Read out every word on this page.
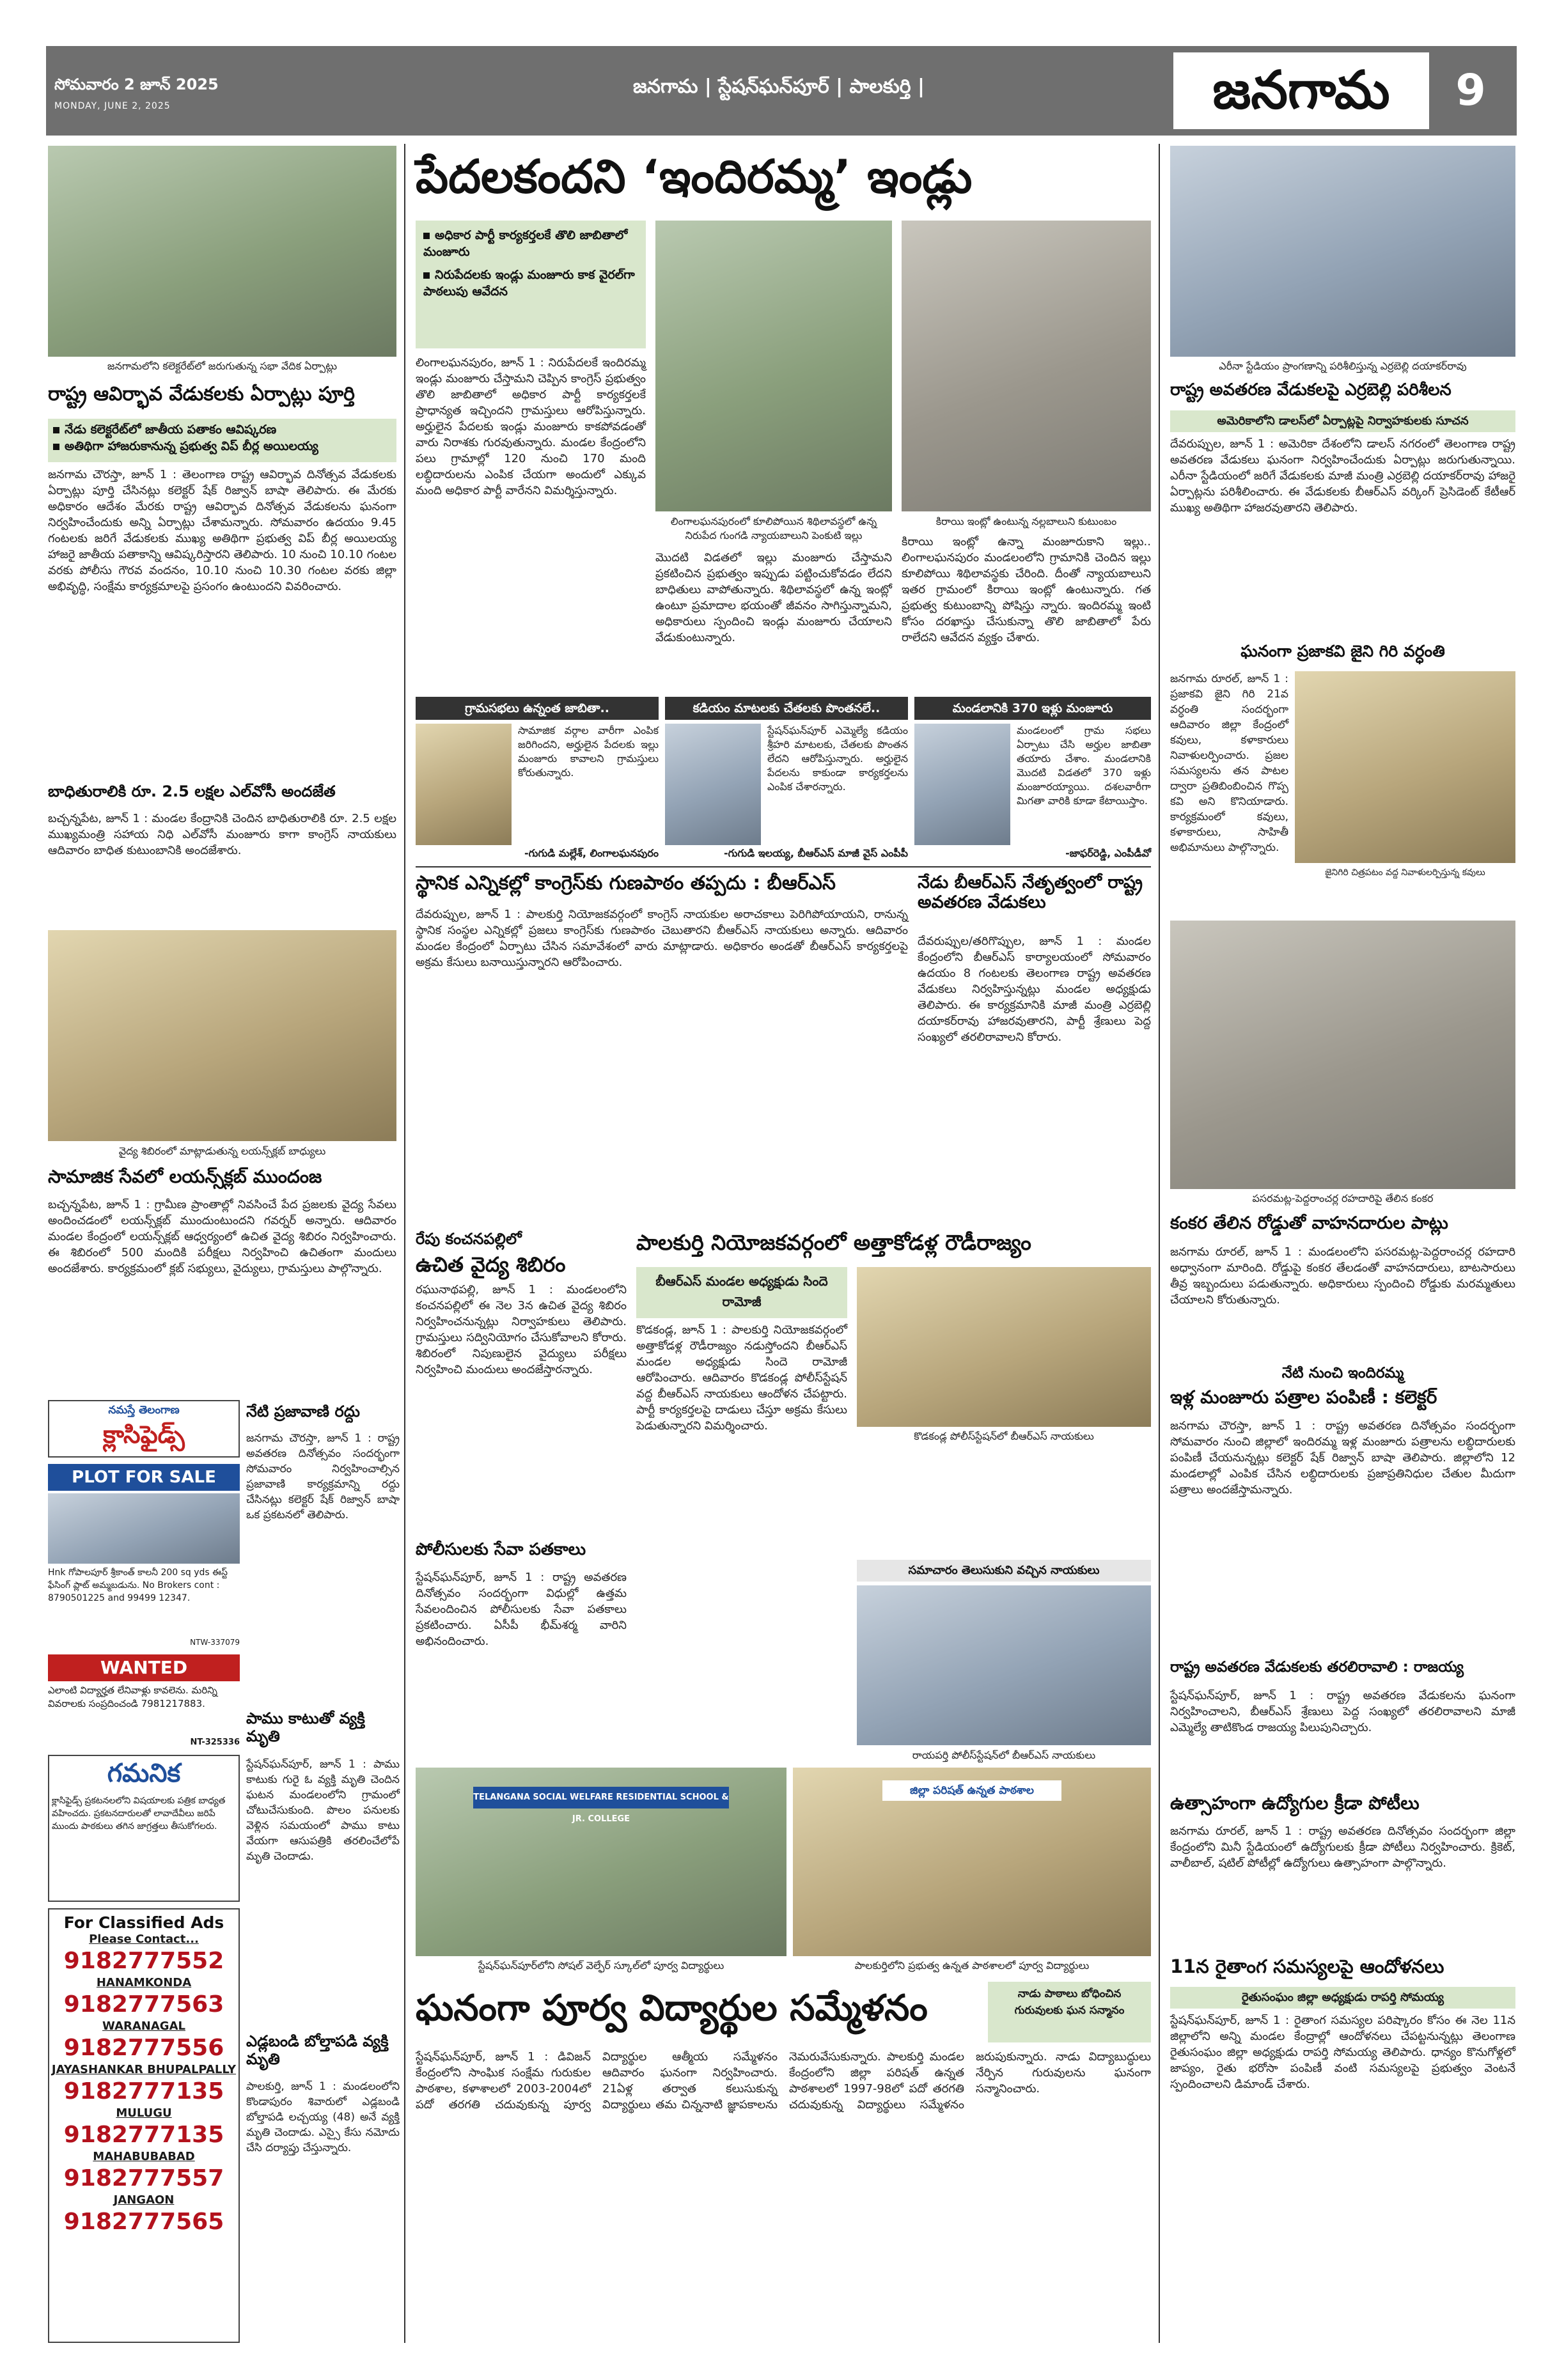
సోమవారం 2 జూన్ 2025
MONDAY, JUNE 2, 2025
జనగామ | స్టేషన్‌ఘన్‌పూర్ | పాలకుర్తి |	జనగామ	9
జనగామలోని కలెక్టరేట్‌లో జరుగుతున్న సభా వేదిక ఏర్పాట్లు
రాష్ట్ర ఆవిర్భావ వేడుకలకు ఏర్పాట్లు పూర్తి
నేడు కలెక్టరేట్‌లో జాతీయ పతాకం ఆవిష్కరణ
అతిథిగా హాజరుకానున్న ప్రభుత్వ విప్ బీర్ల అయిలయ్య
జనగామ చౌరస్తా, జూన్ 1 : తెలంగాణ రాష్ట్ర ఆవిర్భావ దినోత్సవ వేడుకలకు ఏర్పాట్లు పూర్తి చేసినట్లు కలెక్టర్ షేక్ రిజ్వాన్ బాషా తెలిపారు. ఈ మేరకు అధికారం ఆదేశం మేరకు రాష్ట్ర ఆవిర్భావ దినోత్సవ వేడుకలను ఘనంగా నిర్వహించేందుకు అన్ని ఏర్పాట్లు చేశామన్నారు. సోమవారం ఉదయం 9.45 గంటలకు జరిగే వేడుకలకు ముఖ్య అతిథిగా ప్రభుత్వ విప్ బీర్ల అయిలయ్య హాజరై జాతీయ పతాకాన్ని ఆవిష్కరిస్తారని తెలిపారు. 10 నుంచి 10.10 గంటల వరకు పోలీసు గౌరవ వందనం, 10.10 నుంచి 10.30 గంటల వరకు జిల్లా అభివృద్ధి, సంక్షేమ కార్యక్రమాలపై ప్రసంగం ఉంటుందని వివరించారు.
బాధితురాలికి రూ. 2.5 లక్షల ఎల్‌వోసీ అందజేత
బచ్చన్నపేట, జూన్ 1 : మండల కేంద్రానికి చెందిన బాధితురాలికి రూ. 2.5 లక్షల ముఖ్యమంత్రి సహాయ నిధి ఎల్‌వోసీ మంజూరు కాగా కాంగ్రెస్ నాయకులు ఆదివారం బాధిత కుటుంబానికి అందజేశారు.
వైద్య శిబిరంలో మాట్లాడుతున్న లయన్స్‌క్లబ్ బాధ్యులు
సామాజిక సేవలో లయన్స్‌క్లబ్ ముందంజ
బచ్చన్నపేట, జూన్ 1 : గ్రామీణ ప్రాంతాల్లో నివసించే పేద ప్రజలకు వైద్య సేవలు అందించడంలో లయన్స్‌క్లబ్ ముందుంటుందని గవర్నర్ అన్నారు. ఆదివారం మండల కేంద్రంలో లయన్స్‌క్లబ్ ఆధ్వర్యంలో ఉచిత వైద్య శిబిరం నిర్వహించారు. ఈ శిబిరంలో 500 మందికి పరీక్షలు నిర్వహించి ఉచితంగా మందులు అందజేశారు. కార్యక్రమంలో క్లబ్ సభ్యులు, వైద్యులు, గ్రామస్తులు పాల్గొన్నారు.
నమస్తే తెలంగాణ
క్లాసిఫైడ్స్
PLOT FOR SALE
Hnk గోపాలపూర్ శ్రీకాంత్ కాలనీ 200 sq yds ఈస్ట్ ఫేసింగ్ ప్లాట్ అమ్మబడును. No Brokers cont : 8790501225 and 99499 12347.
NTW-337079
WANTED
ఎలాంటి విద్యార్హత లేనివాళ్లు కావలెను. మరిన్ని వివరాలకు సంప్రదించండి 7981217883.
NT-325336
గమనిక
క్లాసిఫైడ్స్ ప్రకటనలలోని విషయాలకు పత్రిక బాధ్యత వహించదు. ప్రకటనదారులతో లావాదేవీలు జరిపే ముందు పాఠకులు తగిన జాగ్రత్తలు తీసుకోగలరు.
For Classified Ads
Please Contact...
9182777552
HANAMKONDA
9182777563
WARANAGAL
9182777556
JAYASHANKAR BHUPALPALLY
9182777135
MULUGU
9182777135
MAHABUBABAD
9182777557
JANGAON
9182777565
నేటి ప్రజావాణి రద్దు
జనగామ చౌరస్తా, జూన్ 1 : రాష్ట్ర అవతరణ దినోత్సవం సందర్భంగా సోమవారం నిర్వహించాల్సిన ప్రజావాణి కార్యక్రమాన్ని రద్దు చేసినట్లు కలెక్టర్ షేక్ రిజ్వాన్ బాషా ఒక ప్రకటనలో తెలిపారు.
పేదలకందని ‘ఇందిరమ్మ’ ఇండ్లు
అధికార పార్టీ కార్యకర్తలకే తొలి జాబితాలో మంజూరు
నిరుపేదలకు ఇండ్లు మంజూరు కాక వైరల్‌గా పాఠలుపు ఆవేదన
లింగాలఘనపురం, జూన్ 1 : నిరుపేదలకే ఇందిరమ్మ ఇండ్లు మంజూరు చేస్తామని చెప్పిన కాంగ్రెస్ ప్రభుత్వం తొలి జాబితాలో అధికార పార్టీ కార్యకర్తలకే ప్రాధాన్యత ఇచ్చిందని గ్రామస్తులు ఆరోపిస్తున్నారు. అర్హులైన పేదలకు ఇండ్లు మంజూరు కాకపోవడంతో వారు నిరాశకు గురవుతున్నారు. మండల కేంద్రంలోని పలు గ్రామాల్లో 120 నుంచి 170 మంది లబ్ధిదారులను ఎంపిక చేయగా అందులో ఎక్కువ మంది అధికార పార్టీ వారేనని విమర్శిస్తున్నారు.
లింగాలఘనపురంలో కూలిపోయిన శిథిలావస్థలో ఉన్న నిరుపేద గుంగడి న్యాయబాలుని పెంకుటి ఇల్లు
మొదటి విడతలో ఇల్లు మంజూరు చేస్తామని ప్రకటించిన ప్రభుత్వం ఇప్పుడు పట్టించుకోవడం లేదని బాధితులు వాపోతున్నారు. శిథిలావస్థలో ఉన్న ఇంట్లో ఉంటూ ప్రమాదాల భయంతో జీవనం సాగిస్తున్నామని, అధికారులు స్పందించి ఇండ్లు మంజూరు చేయాలని వేడుకుంటున్నారు.
కిరాయి ఇంట్లో ఉంటున్న నల్లబాలుని కుటుంబం
కిరాయి ఇంట్లో ఉన్నా మంజూరుకాని ఇల్లు.. లింగాలఘనపురం మండలంలోని గ్రామానికి చెందిన ఇల్లు కూలిపోయి శిథిలావస్థకు చేరింది. దీంతో న్యాయబాలుని ఇతర గ్రామంలో కిరాయి ఇంట్లో ఉంటున్నారు. గత ప్రభుత్వ కుటుంబాన్ని పోషిస్తు న్నారు. ఇందిరమ్మ ఇంటి కోసం దరఖాస్తు చేసుకున్నా తొలి జాబితాలో పేరు రాలేదని ఆవేదన వ్యక్తం చేశారు.
గ్రామసభలు ఉన్నంత జాబితా..
సామాజిక వర్గాల వారీగా ఎంపిక జరిగిందని, అర్హులైన పేదలకు ఇల్లు మంజూరు కావాలని గ్రామస్తులు కోరుతున్నారు.
-గుగుడి మల్లేశ్, లింగాలఘనపురం
కడియం మాటలకు చేతలకు పొంతనలే..
స్టేషన్‌ఘన్‌పూర్ ఎమ్మెల్యే కడియం శ్రీహరి మాటలకు, చేతలకు పొంతన లేదని ఆరోపిస్తున్నారు. అర్హులైన పేదలను కాకుండా కార్యకర్తలను ఎంపిక చేశారన్నారు.
-గుగుడి ఇలయ్య, బీఆర్‌ఎస్ మాజీ వైస్ ఎంపీపీ
మండలానికి 370 ఇళ్లు మంజూరు
మండలంలో గ్రామ సభలు ఏర్పాటు చేసి అర్హుల జాబితా తయారు చేశాం. మండలానికి మొదటి విడతలో 370 ఇళ్లు మంజూరయ్యాయి. దశలవారీగా మిగతా వారికి కూడా కేటాయిస్తాం.
-జాఫర్‌రెడ్డి, ఎంపీడీవో
స్థానిక ఎన్నికల్లో కాంగ్రెస్‌కు గుణపాఠం తప్పదు : బీఆర్‌ఎస్
దేవరుప్పుల, జూన్ 1 : పాలకుర్తి నియోజకవర్గంలో కాంగ్రెస్ నాయకుల అరాచకాలు పెరిగిపోయాయని, రానున్న స్థానిక సంస్థల ఎన్నికల్లో ప్రజలు కాంగ్రెస్‌కు గుణపాఠం చెబుతారని బీఆర్‌ఎస్ నాయకులు అన్నారు. ఆదివారం మండల కేంద్రంలో ఏర్పాటు చేసిన సమావేశంలో వారు మాట్లాడారు. అధికారం అండతో బీఆర్‌ఎస్ కార్యకర్తలపై అక్రమ కేసులు బనాయిస్తున్నారని ఆరోపించారు.
నేడు బీఆర్‌ఎస్ నేతృత్వంలో రాష్ట్ర అవతరణ వేడుకలు
దేవరుప్పుల/తరిగొప్పుల, జూన్ 1 : మండల కేంద్రంలోని బీఆర్‌ఎస్ కార్యాలయంలో సోమవారం ఉదయం 8 గంటలకు తెలంగాణ రాష్ట్ర అవతరణ వేడుకలు నిర్వహిస్తున్నట్లు మండల అధ్యక్షుడు తెలిపారు. ఈ కార్యక్రమానికి మాజీ మంత్రి ఎర్రబెల్లి దయాకర్‌రావు హాజరవుతారని, పార్టీ శ్రేణులు పెద్ద సంఖ్యలో తరలిరావాలని కోరారు.
రేపు కంచనపల్లిలో
ఉచిత వైద్య శిబిరం
రఘునాథపల్లి, జూన్ 1 : మండలంలోని కంచనపల్లిలో ఈ నెల 3న ఉచిత వైద్య శిబిరం నిర్వహించనున్నట్లు నిర్వాహకులు తెలిపారు. గ్రామస్తులు సద్వినియోగం చేసుకోవాలని కోరారు. శిబిరంలో నిపుణులైన వైద్యులు పరీక్షలు నిర్వహించి మందులు అందజేస్తారన్నారు.
పోలీసులకు సేవా పతకాలు
స్టేషన్‌ఘన్‌పూర్, జూన్ 1 : రాష్ట్ర అవతరణ దినోత్సవం సందర్భంగా విధుల్లో ఉత్తమ సేవలందించిన పోలీసులకు సేవా పతకాలు ప్రకటించారు. ఏసీపీ భీమ్‌శర్మ వారిని అభినందించారు.
పాము కాటుతో వ్యక్తి మృతి
స్టేషన్‌ఘన్‌పూర్, జూన్ 1 : పాము కాటుకు గురై ఓ వ్యక్తి మృతి చెందిన ఘటన మండలంలోని గ్రామంలో చోటుచేసుకుంది. పొలం పనులకు వెళ్లిన సమయంలో పాము కాటు వేయగా ఆసుపత్రికి తరలించేలోపే మృతి చెందాడు.
ఎడ్లబండి బోల్తాపడి వ్యక్తి మృతి
పాలకుర్తి, జూన్ 1 : మండలంలోని కొండాపురం శివారులో ఎడ్లబండి బోల్తాపడి లచ్చయ్య (48) అనే వ్యక్తి మృతి చెందాడు. ఎస్సై కేసు నమోదు చేసి దర్యాప్తు చేస్తున్నారు.
పాలకుర్తి నియోజకవర్గంలో అత్తాకోడళ్ల రౌడీరాజ్యం
బీఆర్‌ఎస్ మండల అధ్యక్షుడు సిందె రామోజీ
కొడకండ్ల, జూన్ 1 : పాలకుర్తి నియోజకవర్గంలో అత్తాకోడళ్ల రౌడీరాజ్యం నడుస్తోందని బీఆర్‌ఎస్ మండల అధ్యక్షుడు సిందె రామోజీ ఆరోపించారు. ఆదివారం కొడకండ్ల పోలీస్‌స్టేషన్ వద్ద బీఆర్‌ఎస్ నాయకులు ఆందోళన చేపట్టారు. పార్టీ కార్యకర్తలపై దాడులు చేస్తూ అక్రమ కేసులు పెడుతున్నారని విమర్శించారు.
కొడకండ్ల పోలీస్‌స్టేషన్‌లో బీఆర్‌ఎస్ నాయకులు
సమాచారం తెలుసుకుని వచ్చిన నాయకులు
రాయపర్తి పోలీస్‌స్టేషన్‌లో బీఆర్‌ఎస్ నాయకులు
TELANGANA SOCIAL WELFARE RESIDENTIAL SCHOOL & JR. COLLEGE
స్టేషన్‌ఘన్‌పూర్‌లోని సోషల్ వెల్ఫేర్ స్కూల్‌లో పూర్వ విద్యార్థులు
జిల్లా పరిషత్ ఉన్నత పాఠశాల
పాలకుర్తిలోని ప్రభుత్వ ఉన్నత పాఠశాలలో పూర్వ విద్యార్థులు
ఘనంగా పూర్వ విద్యార్థుల సమ్మేళనం	నాడు పాఠాలు బోధించిన గురువులకు ఘన సన్మానం
స్టేషన్‌ఘన్‌పూర్, జూన్ 1 : డివిజన్ కేంద్రంలోని సాంఘిక సంక్షేమ గురుకుల పాఠశాల, కళాశాలలో 2003-2004లో పదో తరగతి చదువుకున్న పూర్వ విద్యార్థుల ఆత్మీయ సమ్మేళనం ఆదివారం ఘనంగా నిర్వహించారు. 21ఏళ్ల తర్వాత కలుసుకున్న విద్యార్థులు తమ చిన్ననాటి జ్ఞాపకాలను నెమరువేసుకున్నారు. పాలకుర్తి మండల కేంద్రంలోని జిల్లా పరిషత్ ఉన్నత పాఠశాలలో 1997-98లో పదో తరగతి చదువుకున్న విద్యార్థులు సమ్మేళనం జరుపుకున్నారు. నాడు విద్యాబుద్ధులు నేర్పిన గురువులను ఘనంగా సన్మానించారు.
ఎరీనా స్టేడియం ప్రాంగణాన్ని పరిశీలిస్తున్న ఎర్రబెల్లి దయాకర్‌రావు
రాష్ట్ర అవతరణ వేడుకలపై ఎర్రబెల్లి పరిశీలన
అమెరికాలోని డాలస్‌లో ఏర్పాట్లపై నిర్వాహకులకు సూచన
దేవరుప్పుల, జూన్ 1 : అమెరికా దేశంలోని డాలస్ నగరంలో తెలంగాణ రాష్ట్ర అవతరణ వేడుకలు ఘనంగా నిర్వహించేందుకు ఏర్పాట్లు జరుగుతున్నాయి. ఎరీనా స్టేడియంలో జరిగే వేడుకలకు మాజీ మంత్రి ఎర్రబెల్లి దయాకర్‌రావు హాజరై ఏర్పాట్లను పరిశీలించారు. ఈ వేడుకలకు బీఆర్‌ఎస్ వర్కింగ్ ప్రెసిడెంట్ కేటీఆర్ ముఖ్య అతిథిగా హాజరవుతారని తెలిపారు.
ఘనంగా ప్రజాకవి జైని గిరి వర్ధంతి
జనగామ రూరల్, జూన్ 1 : ప్రజాకవి జైని గిరి 21వ వర్ధంతి సందర్భంగా ఆదివారం జిల్లా కేంద్రంలో కవులు, కళాకారులు నివాళులర్పించారు. ప్రజల సమస్యలను తన పాటల ద్వారా ప్రతిబింబించిన గొప్ప కవి అని కొనియాడారు. కార్యక్రమంలో కవులు, కళాకారులు, సాహితీ అభిమానులు పాల్గొన్నారు.
జైనిగిరి చిత్రపటం వద్ద నివాళులర్పిస్తున్న కవులు
పసరమట్ల-పెద్దరాంచర్ల రహదారిపై తేలిన కంకర
కంకర తేలిన రోడ్డుతో వాహనదారుల పాట్లు
జనగామ రూరల్, జూన్ 1 : మండలంలోని పసరమట్ల-పెద్దరాంచర్ల రహదారి అధ్వానంగా మారింది. రోడ్డుపై కంకర తేలడంతో వాహనదారులు, బాటసారులు తీవ్ర ఇబ్బందులు పడుతున్నారు. అధికారులు స్పందించి రోడ్డుకు మరమ్మతులు చేయాలని కోరుతున్నారు.
నేటి నుంచి ఇందిరమ్మ
ఇళ్ల మంజూరు పత్రాల పంపిణీ : కలెక్టర్
జనగామ చౌరస్తా, జూన్ 1 : రాష్ట్ర అవతరణ దినోత్సవం సందర్భంగా సోమవారం నుంచి జిల్లాలో ఇందిరమ్మ ఇళ్ల మంజూరు పత్రాలను లబ్ధిదారులకు పంపిణీ చేయనున్నట్లు కలెక్టర్ షేక్ రిజ్వాన్ బాషా తెలిపారు. జిల్లాలోని 12 మండలాల్లో ఎంపిక చేసిన లబ్ధిదారులకు ప్రజాప్రతినిధుల చేతుల మీదుగా పత్రాలు అందజేస్తామన్నారు.
రాష్ట్ర అవతరణ వేడుకలకు తరలిరావాలి : రాజయ్య
స్టేషన్‌ఘన్‌పూర్, జూన్ 1 : రాష్ట్ర అవతరణ వేడుకలను ఘనంగా నిర్వహించాలని, బీఆర్‌ఎస్ శ్రేణులు పెద్ద సంఖ్యలో తరలిరావాలని మాజీ ఎమ్మెల్యే తాటికొండ రాజయ్య పిలుపునిచ్చారు.
ఉత్సాహంగా ఉద్యోగుల క్రీడా పోటీలు
జనగామ రూరల్, జూన్ 1 : రాష్ట్ర అవతరణ దినోత్సవం సందర్భంగా జిల్లా కేంద్రంలోని మినీ స్టేడియంలో ఉద్యోగులకు క్రీడా పోటీలు నిర్వహించారు. క్రికెట్, వాలీబాల్, షటిల్ పోటీల్లో ఉద్యోగులు ఉత్సాహంగా పాల్గొన్నారు.
11న రైతాంగ సమస్యలపై ఆందోళనలు
రైతుసంఘం జిల్లా అధ్యక్షుడు రాపర్తి సోమయ్య
స్టేషన్‌ఘన్‌పూర్, జూన్ 1 : రైతాంగ సమస్యల పరిష్కారం కోసం ఈ నెల 11న జిల్లాలోని అన్ని మండల కేంద్రాల్లో ఆందోళనలు చేపట్టనున్నట్లు తెలంగాణ రైతుసంఘం జిల్లా అధ్యక్షుడు రాపర్తి సోమయ్య తెలిపారు. ధాన్యం కొనుగోళ్లలో జాప్యం, రైతు భరోసా పంపిణీ వంటి సమస్యలపై ప్రభుత్వం వెంటనే స్పందించాలని డిమాండ్ చేశారు.
